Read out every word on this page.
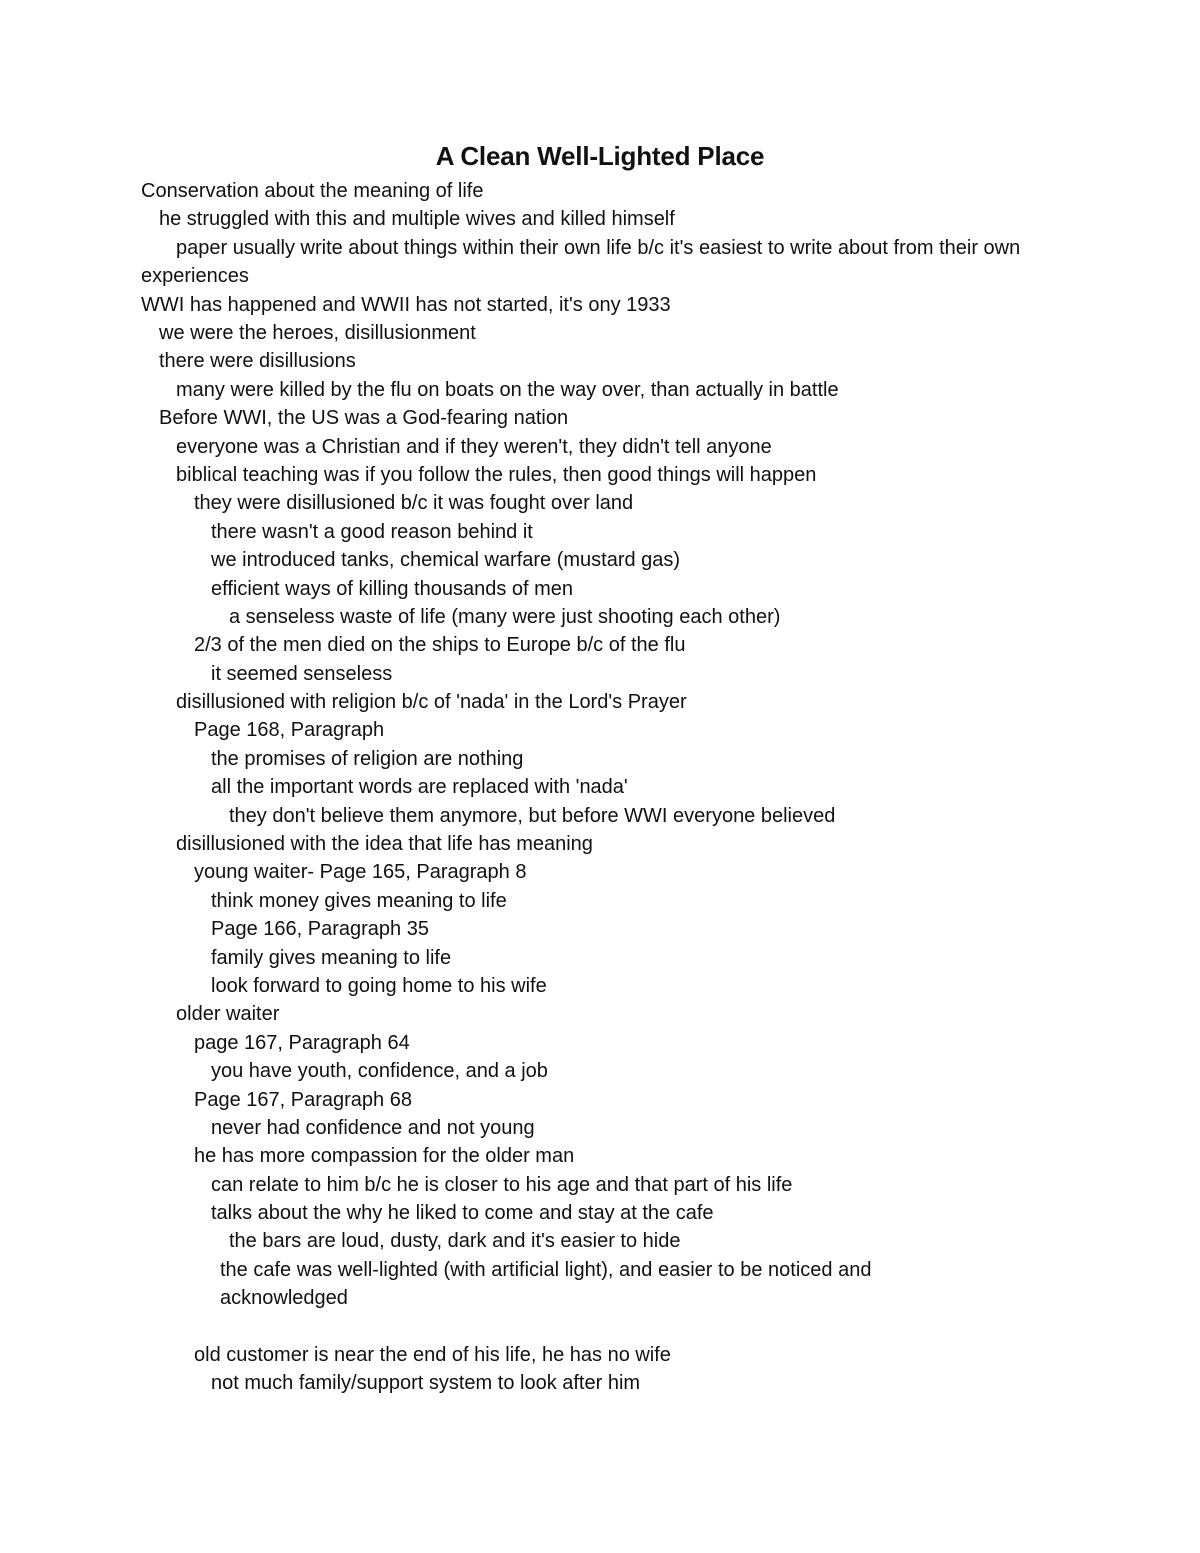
A Clean Well-Lighted Place
Conservation about the meaning of life
he struggled with this and multiple wives and killed himself
paper usually write about things within their own life b/c it's easiest to write about from their own experiences
WWI has happened and WWII has not started, it's ony 1933
we were the heroes, disillusionment
there were disillusions
many were killed by the flu on boats on the way over, than actually in battle
Before WWI, the US was a God-fearing nation
everyone was a Christian and if they weren't, they didn't tell anyone
biblical teaching was if you follow the rules, then good things will happen
they were disillusioned b/c it was fought over land
there wasn't a good reason behind it
we introduced tanks, chemical warfare (mustard gas)
efficient ways of killing thousands of men
a senseless waste of life (many were just shooting each other)
2/3 of the men died on the ships to Europe b/c of the flu
it seemed senseless
disillusioned with religion b/c of 'nada' in the Lord's Prayer
Page 168, Paragraph
the promises of religion are nothing
all the important words are replaced with 'nada'
they don't believe them anymore, but before WWI everyone believed
disillusioned with the idea that life has meaning
young waiter- Page 165, Paragraph 8
think money gives meaning to life
Page 166, Paragraph 35
family gives meaning to life
look forward to going home to his wife
older waiter
page 167, Paragraph 64
you have youth, confidence, and a job
Page 167, Paragraph 68
never had confidence and not young
he has more compassion for the older man
can relate to him b/c he is closer to his age and that part of his life
talks about the why he liked to come and stay at the cafe
the bars are loud, dusty, dark and it's easier to hide
the cafe was well-lighted (with artificial light), and easier to be noticed and
acknowledged
old customer is near the end of his life, he has no wife
not much family/support system to look after him
